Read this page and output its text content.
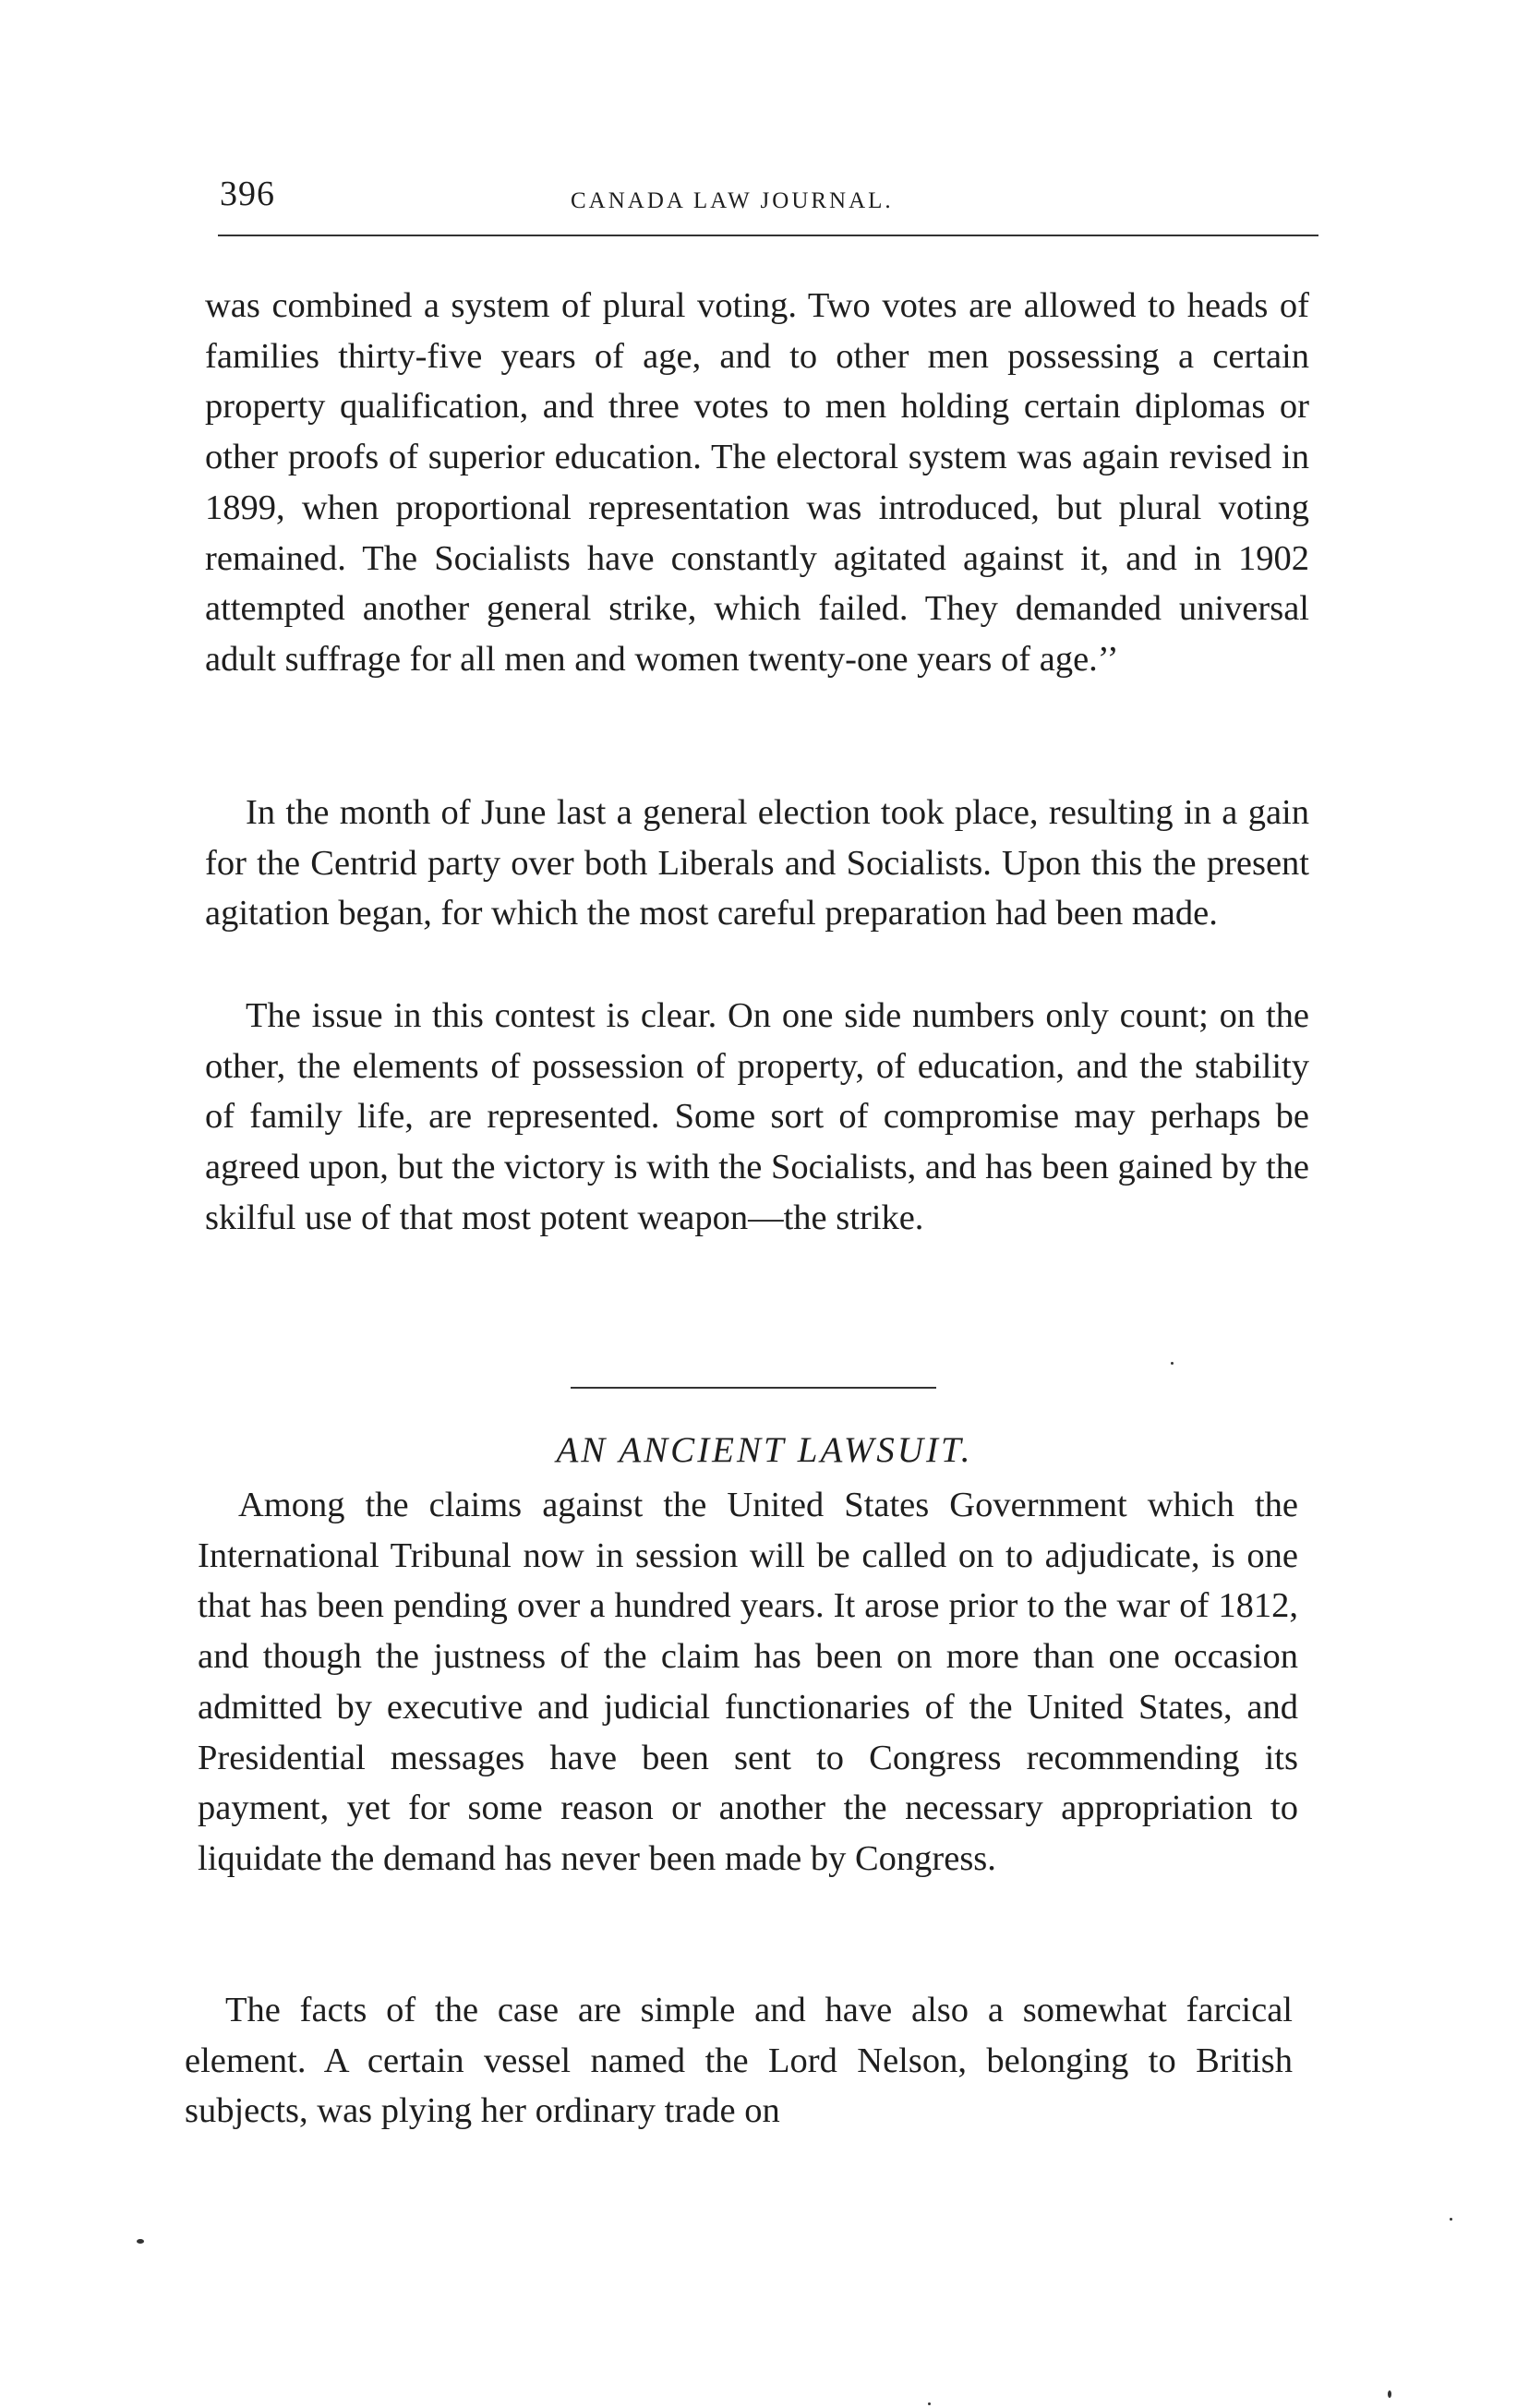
396	CANADA LAW JOURNAL.

was combined a system of plural voting. Two votes are allowed to heads of families thirty-five years of age, and to other men possessing a certain property qualification, and three votes to men holding certain diplomas or other proofs of superior education. The electoral system was again revised in 1899, when proportional representation was introduced, but plural voting remained. The Socialists have constantly agitated against it, and in 1902 attempted another general strike, which failed. They demanded universal adult suffrage for all men and women twenty-one years of age.’’

In the month of June last a general election took place, resulting in a gain for the Centrid party over both Liberals and Socialists. Upon this the present agitation began, for which the most careful preparation had been made.

The issue in this contest is clear. On one side numbers only count; on the other, the elements of possession of property, of education, and the stability of family life, are represented. Some sort of compromise may perhaps be agreed upon, but the victory is with the Socialists, and has been gained by the skilful use of that most potent weapon—the strike.

AN ANCIENT LAWSUIT.

Among the claims against the United States Government which the International Tribunal now in session will be called on to adjudicate, is one that has been pending over a hundred years. It arose prior to the war of 1812, and though the justness of the claim has been on more than one occasion admitted by executive and judicial functionaries of the United States, and Presidential messages have been sent to Congress recommending its payment, yet for some reason or another the necessary appropriation to liquidate the demand has never been made by Congress.

The facts of the case are simple and have also a somewhat farcical element. A certain vessel named the Lord Nelson, belonging to British subjects, was plying her ordinary trade on
